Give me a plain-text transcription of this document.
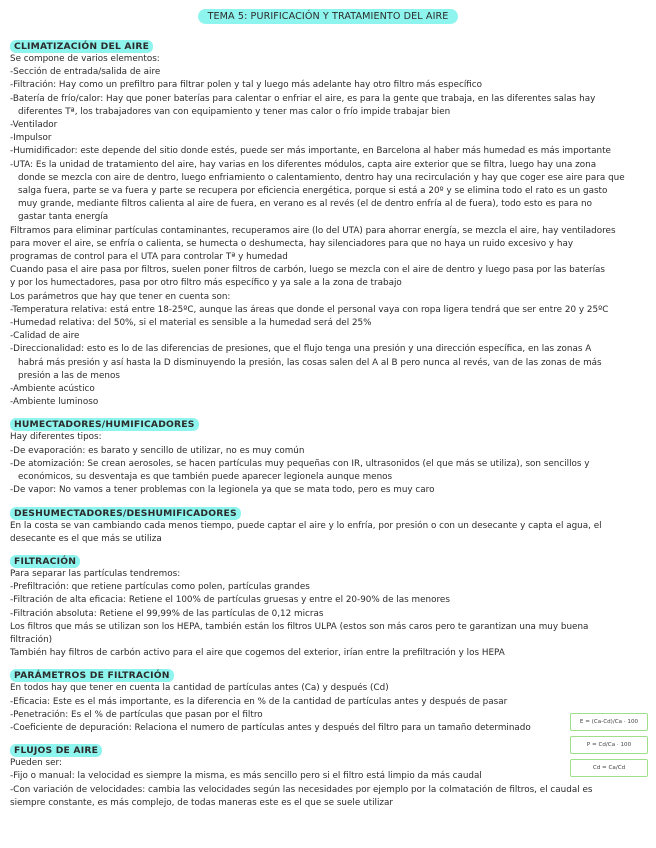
TEMA 5: PURIFICACIÓN Y TRATAMIENTO DEL AIRE
CLIMATIZACIÓN DEL AIRE
Se compone de varios elementos:
-Sección de entrada/salida de aire
-Filtración: Hay como un prefiltro para filtrar polen y tal y luego más adelante hay otro filtro más específico
-Batería de frío/calor: Hay que poner baterías para calentar o enfriar el aire, es para la gente que trabaja, en las diferentes salas hay
diferentes Tª, los trabajadores van con equipamiento y tener mas calor o frío impide trabajar bien
-Ventilador
-Impulsor
-Humidificador: este depende del sitio donde estés, puede ser más importante, en Barcelona al haber más humedad es más importante
-UTA: Es la unidad de tratamiento del aire, hay varias en los diferentes módulos, capta aire exterior que se filtra, luego hay una zona
donde se mezcla con aire de dentro, luego enfriamiento o calentamiento, dentro hay una recirculación y hay que coger ese aire para que
salga fuera, parte se va fuera y parte se recupera por eficiencia energética, porque si está a 20º y se elimina todo el rato es un gasto
muy grande, mediante filtros calienta al aire de fuera, en verano es al revés (el de dentro enfría al de fuera), todo esto es para no
gastar tanta energía
Filtramos para eliminar partículas contaminantes, recuperamos aire (lo del UTA) para ahorrar energía, se mezcla el aire, hay ventiladores
para mover el aire, se enfría o calienta, se humecta o deshumecta, hay silenciadores para que no haya un ruido excesivo y hay
programas de control para el UTA para controlar Tª y humedad
Cuando pasa el aire pasa por filtros, suelen poner filtros de carbón, luego se mezcla con el aire de dentro y luego pasa por las baterías
y por los humectadores, pasa por otro filtro más específico y ya sale a la zona de trabajo
Los parámetros que hay que tener en cuenta son:
-Temperatura relativa: está entre 18-25ºC, aunque las áreas que donde el personal vaya con ropa ligera tendrá que ser entre 20 y 25ºC
-Humedad relativa: del 50%, si el material es sensible a la humedad será del 25%
-Calidad de aire
-Direccionalidad: esto es lo de las diferencias de presiones, que el flujo tenga una presión y una dirección específica, en las zonas A
habrá más presión y así hasta la D disminuyendo la presión, las cosas salen del A al B pero nunca al revés, van de las zonas de más
presión a las de menos
-Ambiente acústico
-Ambiente luminoso
HUMECTADORES/HUMIFICADORES
Hay diferentes tipos:
-De evaporación: es barato y sencillo de utilizar, no es muy común
-De atomización: Se crean aerosoles, se hacen partículas muy pequeñas con IR, ultrasonidos (el que más se utiliza), son sencillos y
económicos, su desventaja es que también puede aparecer legionela aunque menos
-De vapor: No vamos a tener problemas con la legionela ya que se mata todo, pero es muy caro
DESHUMECTADORES/DESHUMIFICADORES
En la costa se van cambiando cada menos tiempo, puede captar el aire y lo enfría, por presión o con un desecante y capta el agua, el
desecante es el que más se utiliza
FILTRACIÓN
Para separar las partículas tendremos:
-Prefiltración: que retiene partículas como polen, partículas grandes
-Filtración de alta eficacia: Retiene el 100% de partículas gruesas y entre el 20-90% de las menores
-Filtración absoluta: Retiene el 99,99% de las partículas de 0,12 micras
Los filtros que más se utilizan son los HEPA, también están los filtros ULPA (estos son más caros pero te garantizan una muy buena
filtración)
También hay filtros de carbón activo para el aire que cogemos del exterior, irían entre la prefiltración y los HEPA
PARÁMETROS DE FILTRACIÓN
En todos hay que tener en cuenta la cantidad de partículas antes (Ca) y después (Cd)
-Eficacia: Este es el más importante, es la diferencia en % de la cantidad de partículas antes y después de pasar
-Penetración: Es el % de partículas que pasan por el filtro
-Coeficiente de depuración: Relaciona el numero de partículas antes y después del filtro para un tamaño determinado
FLUJOS DE AIRE
Pueden ser:
-Fijo o manual: la velocidad es siempre la misma, es más sencillo pero si el filtro está limpio da más caudal
-Con variación de velocidades: cambia las velocidades según las necesidades por ejemplo por la colmatación de filtros, el caudal es
siempre constante, es más complejo, de todas maneras este es el que se suele utilizar
E = (Ca-Cd)/Ca · 100
P = Cd/Ca · 100
Cd = Ca/Cd
